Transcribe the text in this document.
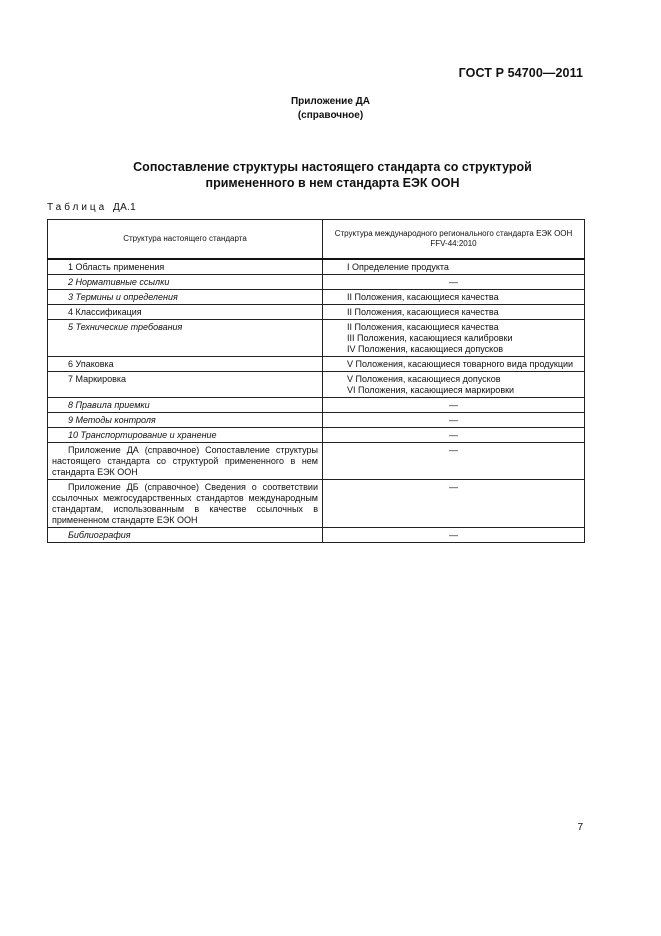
ГОСТ Р 54700—2011
Приложение ДА
(справочное)
Сопоставление структуры настоящего стандарта со структурой
примененного в нем стандарта ЕЭК ООН
Таблица ДА.1
Структура настоящего стандарта	Структура международного регионального стандарта ЕЭК ООН FFV-44:2010
1 Область применения	I Определение продукта

2 Нормативные ссылки	—
3 Термины и определения	II Положения, касающиеся качества

4 Классификация	II Положения, касающиеся качества

5 Технические требования	II Положения, касающиеся качества
III Положения, касающиеся калибровки
IV Положения, касающиеся допусков

6 Упаковка	V Положения, касающиеся товарного вида продукции
7 Маркировка	V Положения, касающиеся допусков
VI Положения, касающиеся маркировки

8 Правила приемки	—
9 Методы контроля	—
10 Транспортирование и хранение	—
Приложение ДА (справочное) Сопоставление структуры настоящего стандарта со структурой примененного в нем стандарта ЕЭК ООН	—
Приложение ДБ (справочное) Сведения о соответствии ссылочных межгосударственных стандартов международным стандартам, использованным в качестве ссылочных в примененном стандарте ЕЭК ООН	—
Библиография	—
7
